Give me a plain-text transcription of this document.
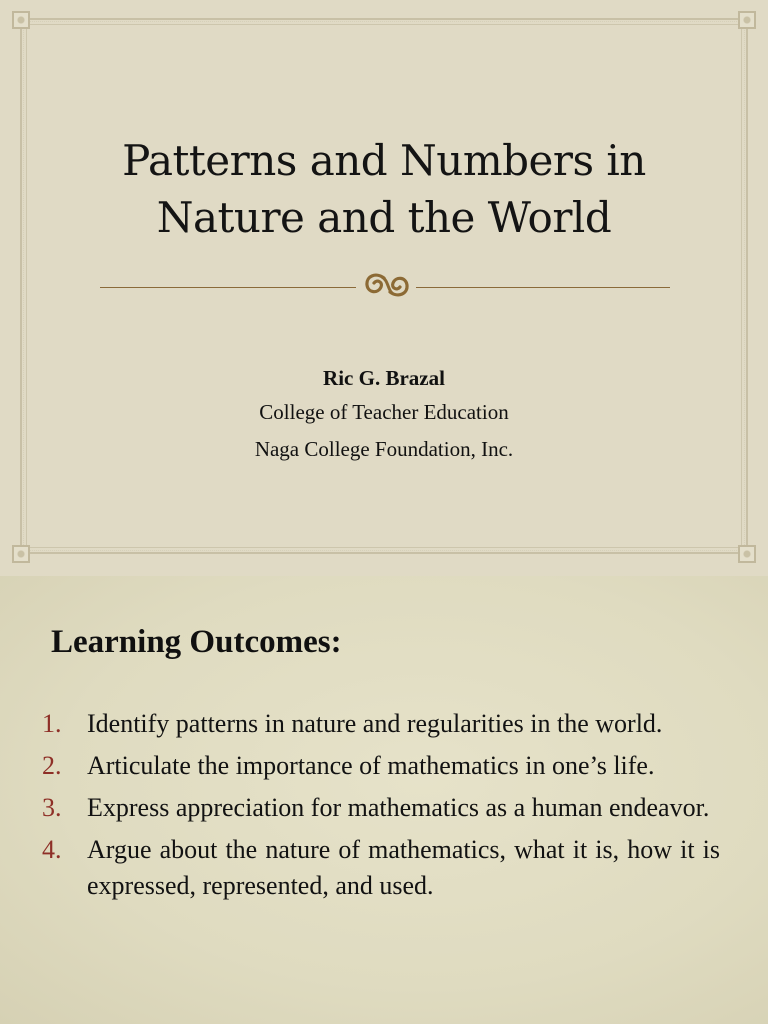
Patterns and Numbers in
Nature and the World
Ric G. Brazal
College of Teacher Education
Naga College Foundation, Inc.
Learning Outcomes:
1. Identify patterns in nature and regularities in the world.
2. Articulate the importance of mathematics in one’s life.
3. Express appreciation for mathematics as a human endeavor.
4. Argue about the nature of mathematics, what it is, how it is expressed, represented, and used.
